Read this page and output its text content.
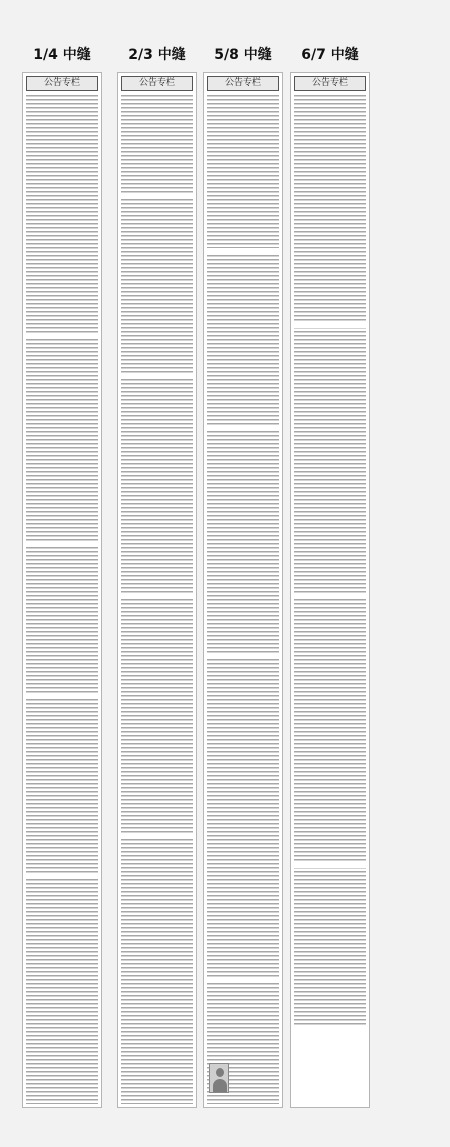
1/4 中缝
公告专栏
2/3 中缝
公告专栏
5/8 中缝
公告专栏
6/7 中缝
公告专栏
